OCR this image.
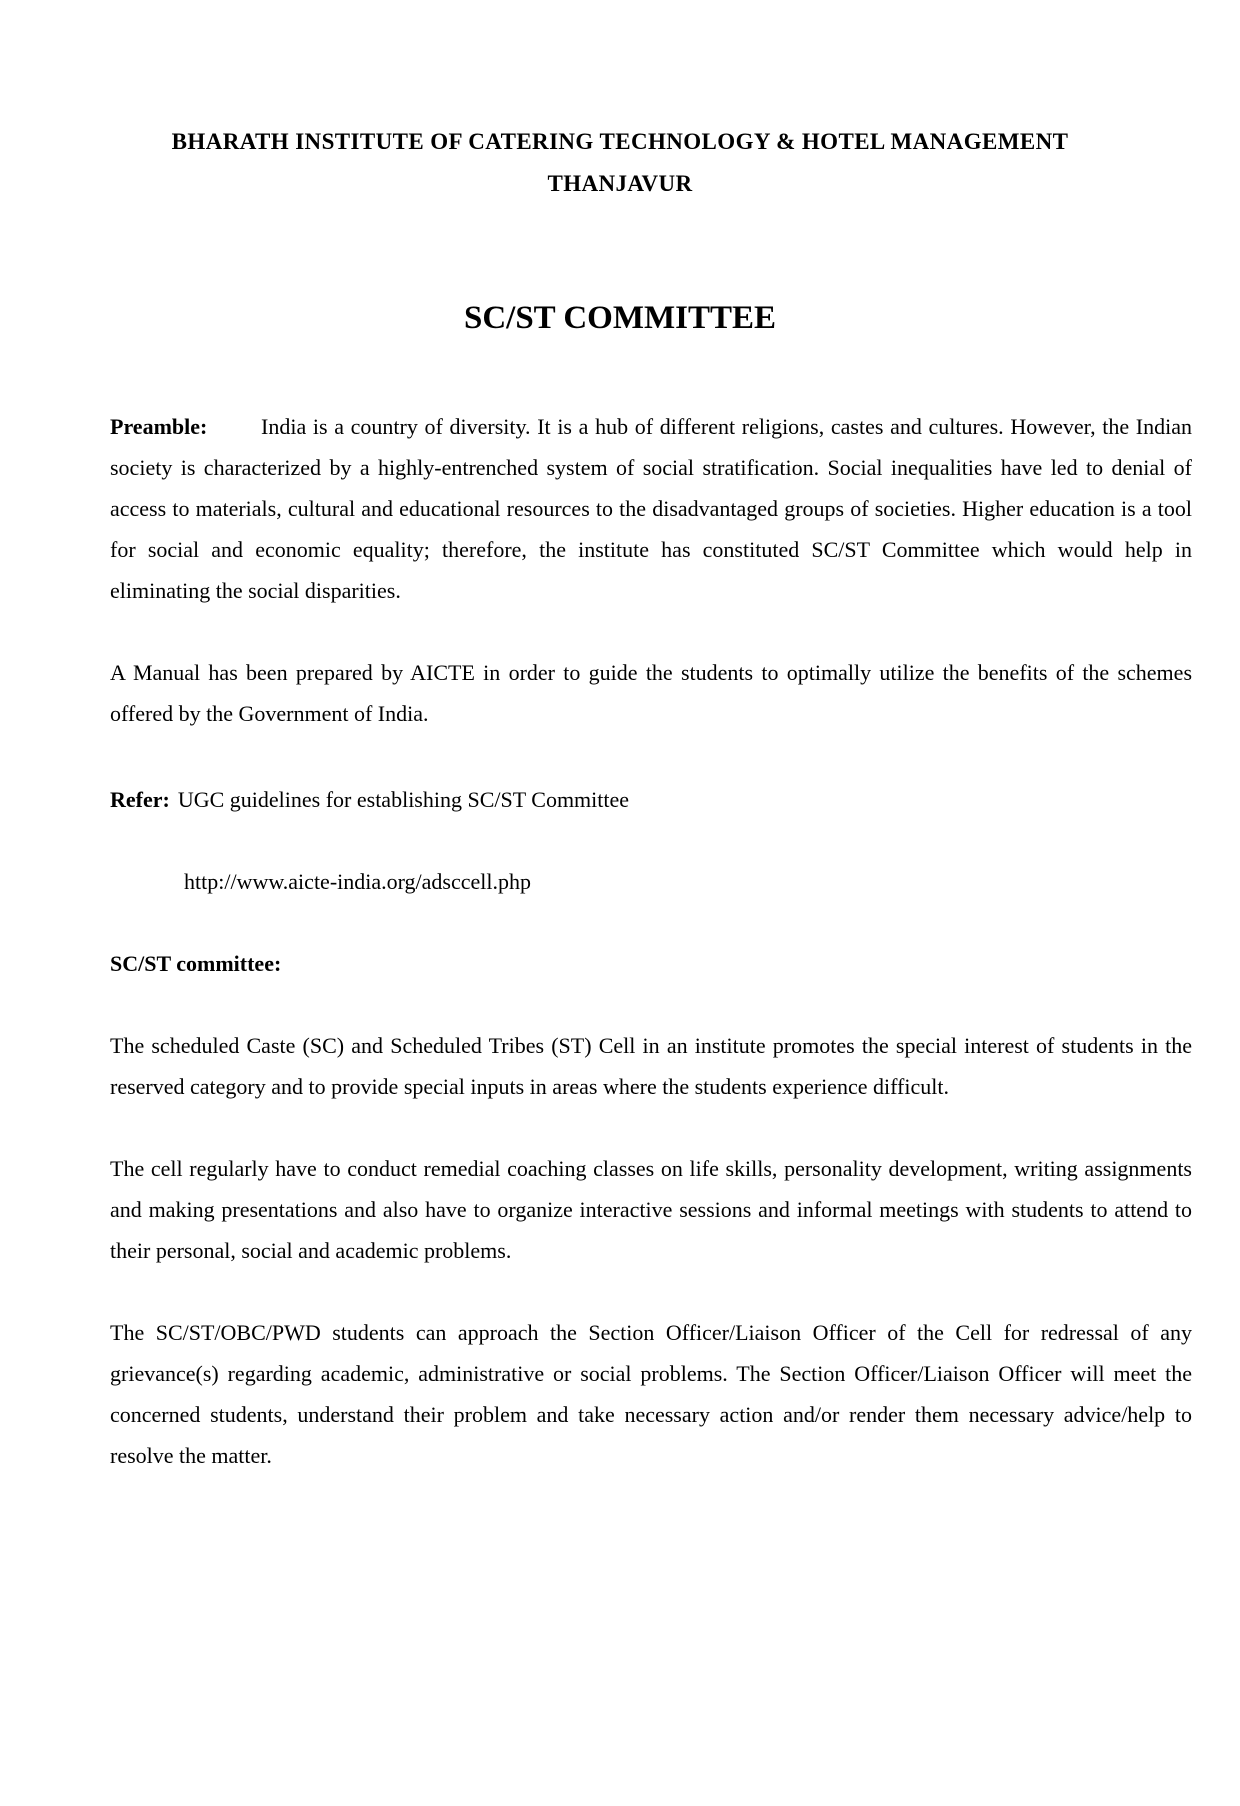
BHARATH INSTITUTE OF CATERING TECHNOLOGY & HOTEL MANAGEMENT
THANJAVUR
SC/ST COMMITTEE

Preamble: India is a country of diversity. It is a hub of different religions, castes and cultures. However, the Indian society is characterized by a highly-entrenched system of social stratification. Social inequalities have led to denial of access to materials, cultural and educational resources to the disadvantaged groups of societies. Higher education is a tool for social and economic equality; therefore, the institute has constituted SC/ST Committee which would help in eliminating the social disparities.

A Manual has been prepared by AICTE in order to guide the students to optimally utilize the benefits of the schemes offered by the Government of India.

Refer: UGC guidelines for establishing SC/ST Committee

http://www.aicte-india.org/adsccell.php
SC/ST committee:

The scheduled Caste (SC) and Scheduled Tribes (ST) Cell in an institute promotes the special interest of students in the reserved category and to provide special inputs in areas where the students experience difficult.

The cell regularly have to conduct remedial coaching classes on life skills, personality development, writing assignments and making presentations and also have to organize interactive sessions and informal meetings with students to attend to their personal, social and academic problems.

The SC/ST/OBC/PWD students can approach the Section Officer/Liaison Officer of the Cell for redressal of any grievance(s) regarding academic, administrative or social problems. The Section Officer/Liaison Officer will meet the concerned students, understand their problem and take necessary action and/or render them necessary advice/help to resolve the matter.
